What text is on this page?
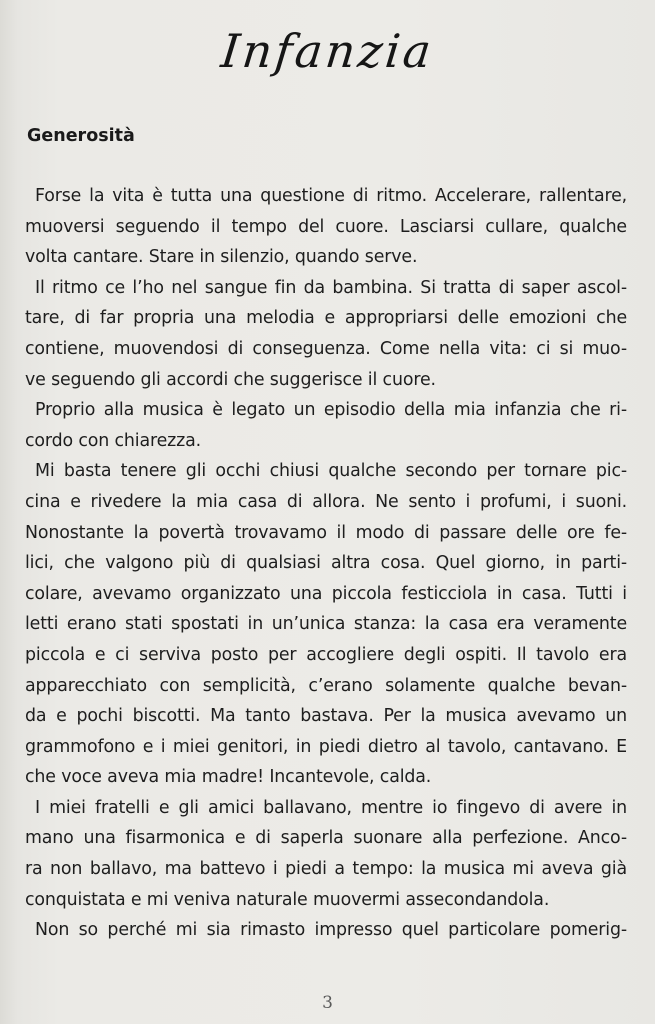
Infanzia
Generosità
Forse la vita è tutta una questione di ritmo. Accelerare, rallentare,
muoversi seguendo il tempo del cuore. Lasciarsi cullare, qualche
volta cantare. Stare in silenzio, quando serve.
Il ritmo ce l’ho nel sangue fin da bambina. Si tratta di saper ascol-
tare, di far propria una melodia e appropriarsi delle emozioni che
contiene, muovendosi di conseguenza. Come nella vita: ci si muo-
ve seguendo gli accordi che suggerisce il cuore.
Proprio alla musica è legato un episodio della mia infanzia che ri-
cordo con chiarezza.
Mi basta tenere gli occhi chiusi qualche secondo per tornare pic-
cina e rivedere la mia casa di allora. Ne sento i profumi, i suoni.
Nonostante la povertà trovavamo il modo di passare delle ore fe-
lici, che valgono più di qualsiasi altra cosa. Quel giorno, in parti-
colare, avevamo organizzato una piccola festicciola in casa. Tutti i
letti erano stati spostati in un’unica stanza: la casa era veramente
piccola e ci serviva posto per accogliere degli ospiti. Il tavolo era
apparecchiato con semplicità, c’erano solamente qualche bevan-
da e pochi biscotti. Ma tanto bastava. Per la musica avevamo un
grammofono e i miei genitori, in piedi dietro al tavolo, cantavano. E
che voce aveva mia madre! Incantevole, calda.
I miei fratelli e gli amici ballavano, mentre io fingevo di avere in
mano una fisarmonica e di saperla suonare alla perfezione. Anco-
ra non ballavo, ma battevo i piedi a tempo: la musica mi aveva già
conquistata e mi veniva naturale muovermi assecondandola.
Non so perché mi sia rimasto impresso quel particolare pomerig-
3
